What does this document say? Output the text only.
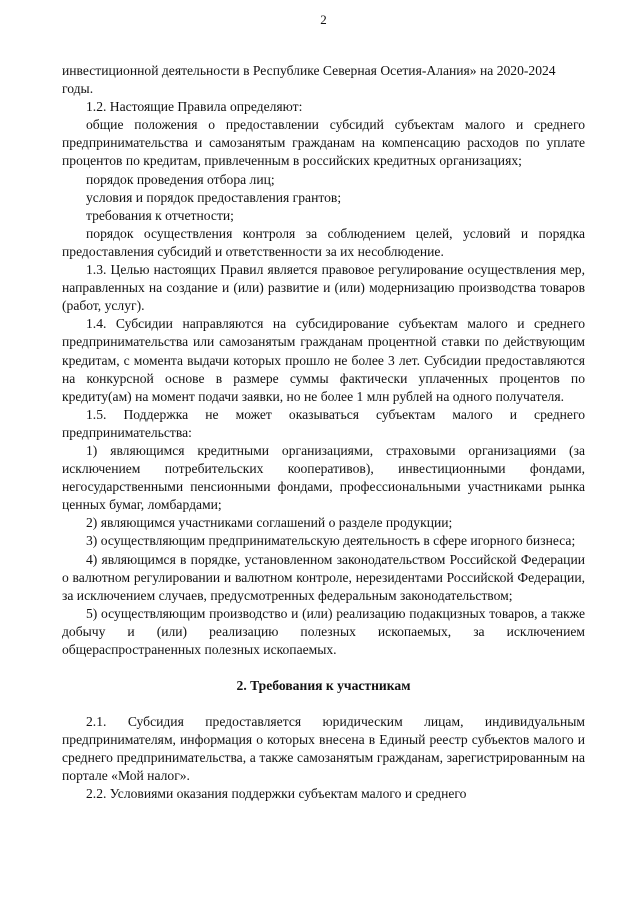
2

инвестиционной деятельности в Республике Северная Осетия-Алания» на 2020-2024 годы.

1.2. Настоящие Правила определяют:

общие положения о предоставлении субсидий субъектам малого и среднего предпринимательства и самозанятым гражданам на компенсацию расходов по уплате процентов по кредитам, привлеченным в российских кредитных организациях;

порядок проведения отбора лиц;

условия и порядок предоставления грантов;

требования к отчетности;

порядок осуществления контроля за соблюдением целей, условий и порядка предоставления субсидий и ответственности за их несоблюдение.

1.3. Целью настоящих Правил является правовое регулирование осуществления мер, направленных на создание и (или) развитие и (или) модернизацию производства товаров (работ, услуг).

1.4. Субсидии направляются на субсидирование субъектам малого и среднего предпринимательства или самозанятым гражданам процентной ставки по действующим кредитам, с момента выдачи которых прошло не более 3 лет. Субсидии предоставляются на конкурсной основе в размере суммы фактически уплаченных процентов по кредиту(ам) на момент подачи заявки, но не более 1 млн рублей на одного получателя.

1.5. Поддержка не может оказываться субъектам малого и среднего предпринимательства:

1) являющимся кредитными организациями, страховыми организациями (за исключением потребительских кооперативов), инвестиционными фондами, негосударственными пенсионными фондами, профессиональными участниками рынка ценных бумаг, ломбардами;

2) являющимся участниками соглашений о разделе продукции;

3) осуществляющим предпринимательскую деятельность в сфере игорного бизнеса;

4) являющимся в порядке, установленном законодательством Российской Федерации о валютном регулировании и валютном контроле, нерезидентами Российской Федерации, за исключением случаев, предусмотренных федеральным законодательством;

5) осуществляющим производство и (или) реализацию подакцизных товаров, а также добычу и (или) реализацию полезных ископаемых, за исключением общераспространенных полезных ископаемых.

2. Требования к участникам

2.1. Субсидия предоставляется юридическим лицам, индивидуальным предпринимателям, информация о которых внесена в Единый реестр субъектов малого и среднего предпринимательства, а также самозанятым гражданам, зарегистрированным на портале «Мой налог».

2.2. Условиями оказания поддержки субъектам малого и среднего
